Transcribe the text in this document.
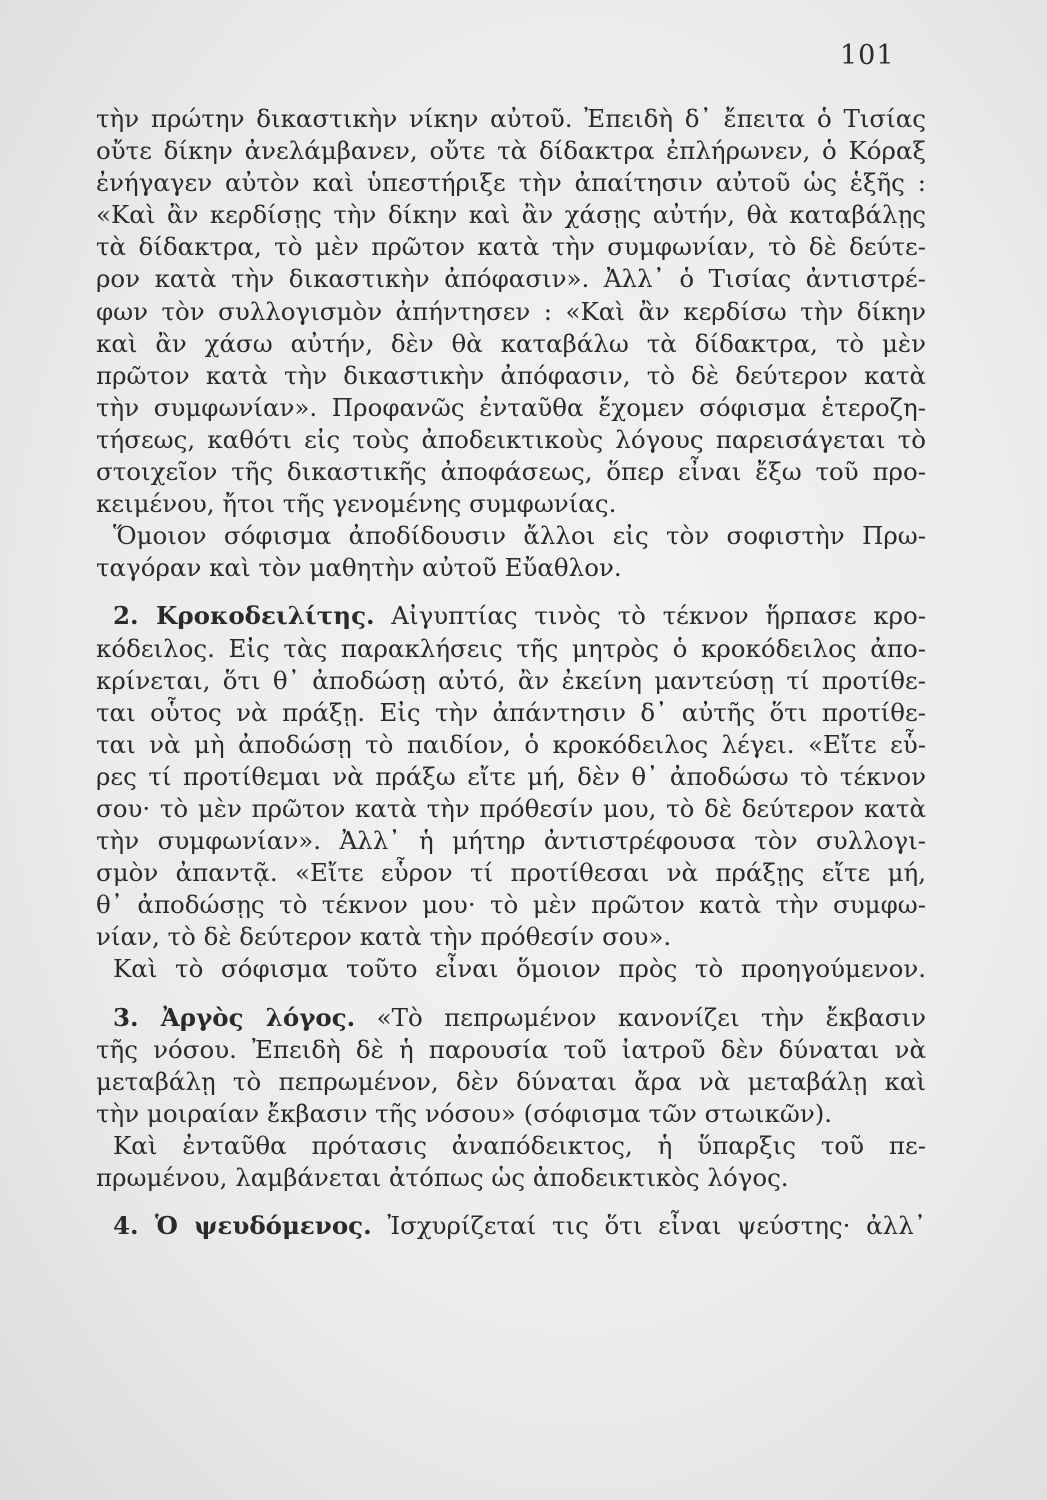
101
τὴν πρώτην δικαστικὴν νίκην αὐτοῦ. Ἐπειδὴ δ᾿ ἔπειτα ὁ Τισίας
οὔτε δίκην ἀνελάμβανεν, οὔτε τὰ δίδακτρα ἐπλήρωνεν, ὁ Κόραξ
ἐνήγαγεν αὐτὸν καὶ ὑπεστήριξε τὴν ἀπαίτησιν αὐτοῦ ὡς ἑξῆς :
«Καὶ ἂν κερδίσῃς τὴν δίκην καὶ ἂν χάσῃς αὐτήν, θὰ καταβάλῃς
τὰ δίδακτρα, τὸ μὲν πρῶτον κατὰ τὴν συμφωνίαν, τὸ δὲ δεύτε-
ρον κατὰ τὴν δικαστικὴν ἀπόφασιν». Ἀλλ᾿ ὁ Τισίας ἀντιστρέ-
φων τὸν συλλογισμὸν ἀπήντησεν : «Καὶ ἂν κερδίσω τὴν δίκην
καὶ ἂν χάσω αὐτήν, δὲν θὰ καταβάλω τὰ δίδακτρα, τὸ μὲν
πρῶτον κατὰ τὴν δικαστικὴν ἀπόφασιν, τὸ δὲ δεύτερον κατὰ
τὴν συμφωνίαν». Προφανῶς ἐνταῦθα ἔχομεν σόφισμα ἑτεροζη-
τήσεως, καθότι εἰς τοὺς ἀποδεικτικοὺς λόγους παρεισάγεται τὸ
στοιχεῖον τῆς δικαστικῆς ἀποφάσεως, ὅπερ εἶναι ἔξω τοῦ προ-
κειμένου, ἤτοι τῆς γενομένης συμφωνίας.
Ὅμοιον σόφισμα ἀποδίδουσιν ἄλλοι εἰς τὸν σοφιστὴν Πρω-
ταγόραν καὶ τὸν μαθητὴν αὐτοῦ Εὔαθλον.
2. Κροκοδειλίτης. Αἰγυπτίας τινὸς τὸ τέκνον ἥρπασε κρο-
κόδειλος. Εἰς τὰς παρακλήσεις τῆς μητρὸς ὁ κροκόδειλος ἀπο-
κρίνεται, ὅτι θ᾿ ἀποδώσῃ αὐτό, ἂν ἐκείνη μαντεύσῃ τί προτίθε-
ται οὗτος νὰ πράξῃ. Εἰς τὴν ἀπάντησιν δ᾿ αὐτῆς ὅτι προτίθε-
ται νὰ μὴ ἀποδώσῃ τὸ παιδίον, ὁ κροκόδειλος λέγει. «Εἴτε εὗ-
ρες τί προτίθεμαι νὰ πράξω εἴτε μή, δὲν θ᾿ ἀποδώσω τὸ τέκνον
σου· τὸ μὲν πρῶτον κατὰ τὴν πρόθεσίν μου, τὸ δὲ δεύτερον κατὰ
τὴν συμφωνίαν». Ἀλλ᾿ ἡ μήτηρ ἀντιστρέφουσα τὸν συλλογι-
σμὸν ἀπαντᾷ. «Εἴτε εὗρον τί προτίθεσαι νὰ πράξῃς εἴτε μή,
θ᾿ ἀποδώσῃς τὸ τέκνον μου· τὸ μὲν πρῶτον κατὰ τὴν συμφω-
νίαν, τὸ δὲ δεύτερον κατὰ τὴν πρόθεσίν σου».
Καὶ τὸ σόφισμα τοῦτο εἶναι ὅμοιον πρὸς τὸ προηγούμενον.
3. Ἀργὸς λόγος. «Τὸ πεπρωμένον κανονίζει τὴν ἔκβασιν
τῆς νόσου. Ἐπειδὴ δὲ ἡ παρουσία τοῦ ἰατροῦ δὲν δύναται νὰ
μεταβάλῃ τὸ πεπρωμένον, δὲν δύναται ἄρα νὰ μεταβάλῃ καὶ
τὴν μοιραίαν ἔκβασιν τῆς νόσου» (σόφισμα τῶν στωικῶν).
Καὶ ἐνταῦθα πρότασις ἀναπόδεικτος, ἡ ὕπαρξις τοῦ πε-
πρωμένου, λαμβάνεται ἀτόπως ὡς ἀποδεικτικὸς λόγος.
4. Ὁ ψευδόμενος. Ἰσχυρίζεταί τις ὅτι εἶναι ψεύστης· ἀλλ᾿
